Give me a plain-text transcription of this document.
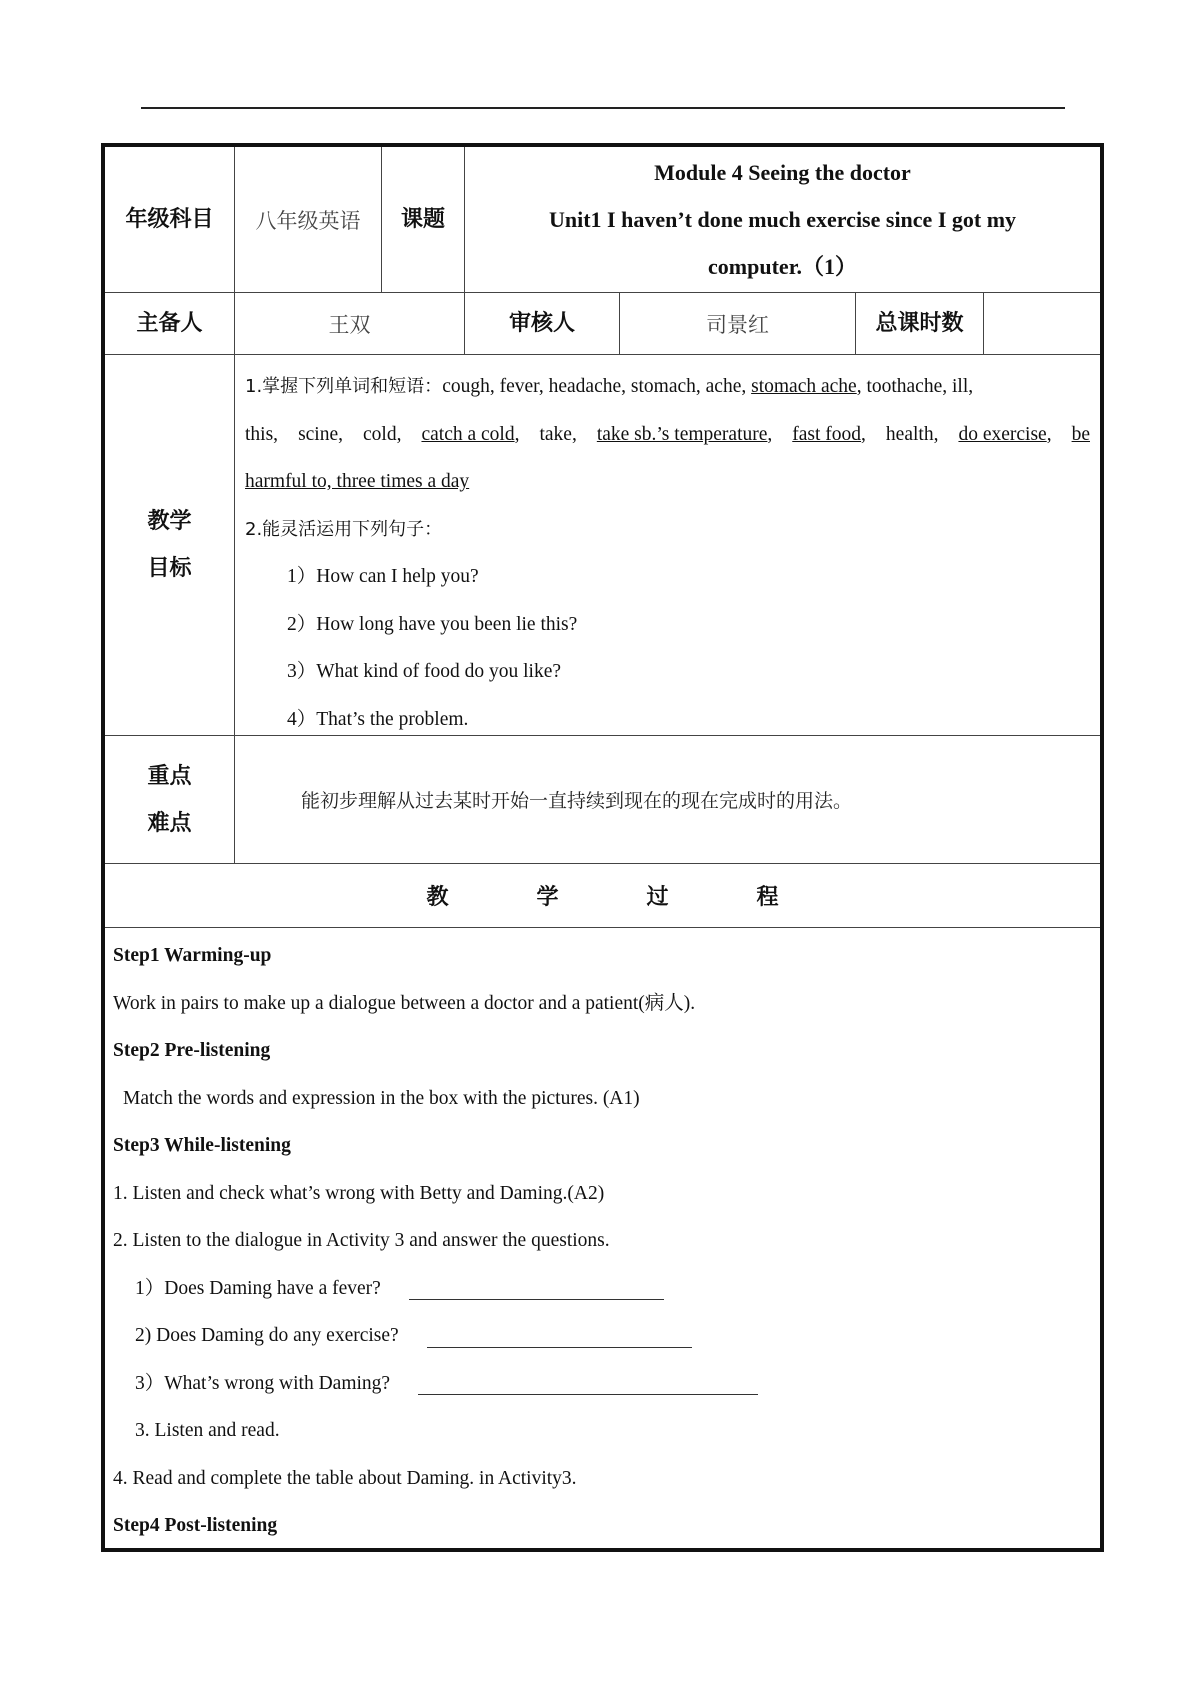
年级科目	八年级英语	课题
Module 4 Seeing the doctor
Unit1 I haven’t done much exercise since I got my
computer.（1）
主备人	王双	审核人	司景红	总课时数
教学
目标
1.掌握下列单词和短语：cough, fever, headache, stomach, ache, stomach ache, toothache, ill,
this, scine, cold, catch a cold, take, take sb.’s temperature, fast food, health, do exercise, be
harmful to, three times a day
2.能灵活运用下列句子：
1）How can I help you?
2）How long have you been lie this?
3）What kind of food do you like?
4）That’s the problem.
重点
难点
能初步理解从过去某时开始一直持续到现在的现在完成时的用法。
教	学	过	程
Step1 Warming-up
Work in pairs to make up a dialogue between a doctor and a patient(病人).
Step2 Pre-listening
Match the words and expression in the box with the pictures. (A1)
Step3 While-listening
1. Listen and check what’s wrong with Betty and Daming.(A2)
2. Listen to the dialogue in Activity 3 and answer the questions.
1）Does Daming have a fever?
2) Does Daming do any exercise?
3）What’s wrong with Daming?
3. Listen and read.
4. Read and complete the table about Daming. in Activity3.
Step4 Post-listening
